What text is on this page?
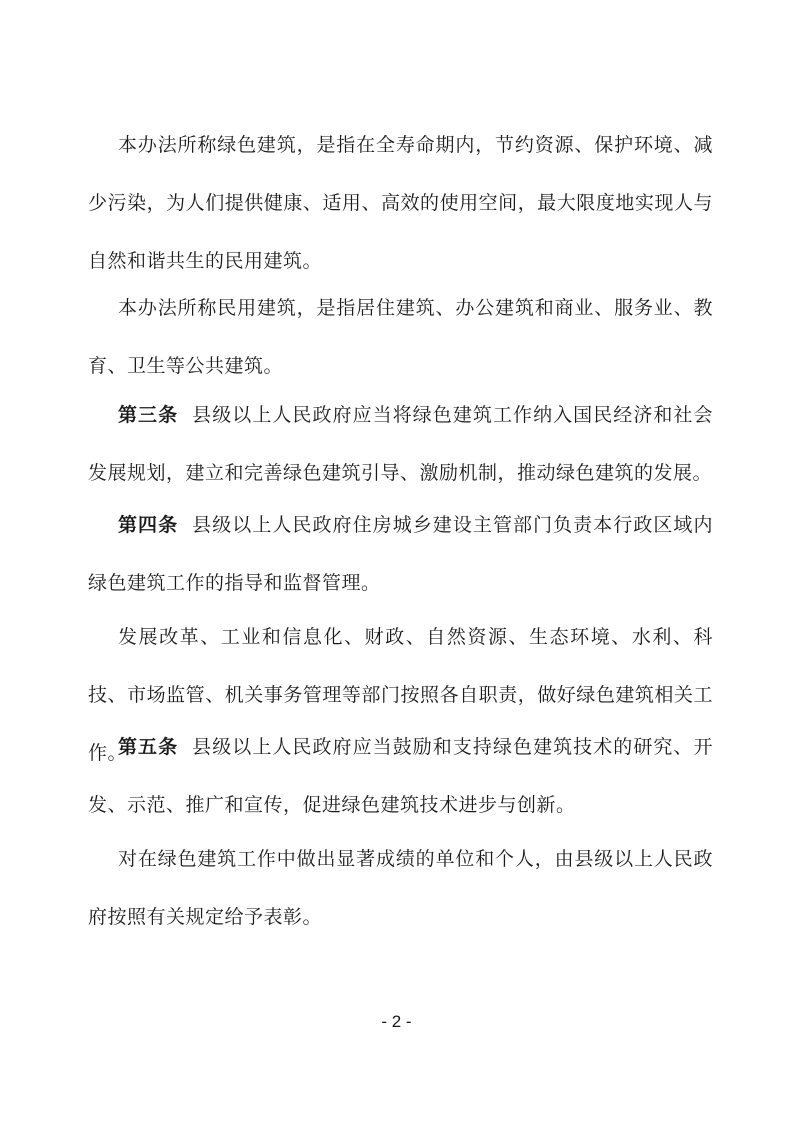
本办法所称绿色建筑，是指在全寿命期内，节约资源、保护环境、减少污染，为人们提供健康、适用、高效的使用空间，最大限度地实现人与自然和谐共生的民用建筑。

本办法所称民用建筑，是指居住建筑、办公建筑和商业、服务业、教育、卫生等公共建筑。

第三条 县级以上人民政府应当将绿色建筑工作纳入国民经济和社会发展规划，建立和完善绿色建筑引导、激励机制，推动绿色建筑的发展。

第四条 县级以上人民政府住房城乡建设主管部门负责本行政区域内绿色建筑工作的指导和监督管理。

发展改革、工业和信息化、财政、自然资源、生态环境、水利、科技、市场监管、机关事务管理等部门按照各自职责，做好绿色建筑相关工作。

第五条 县级以上人民政府应当鼓励和支持绿色建筑技术的研究、开发、示范、推广和宣传，促进绿色建筑技术进步与创新。

对在绿色建筑工作中做出显著成绩的单位和个人，由县级以上人民政府按照有关规定给予表彰。

- 2 -
